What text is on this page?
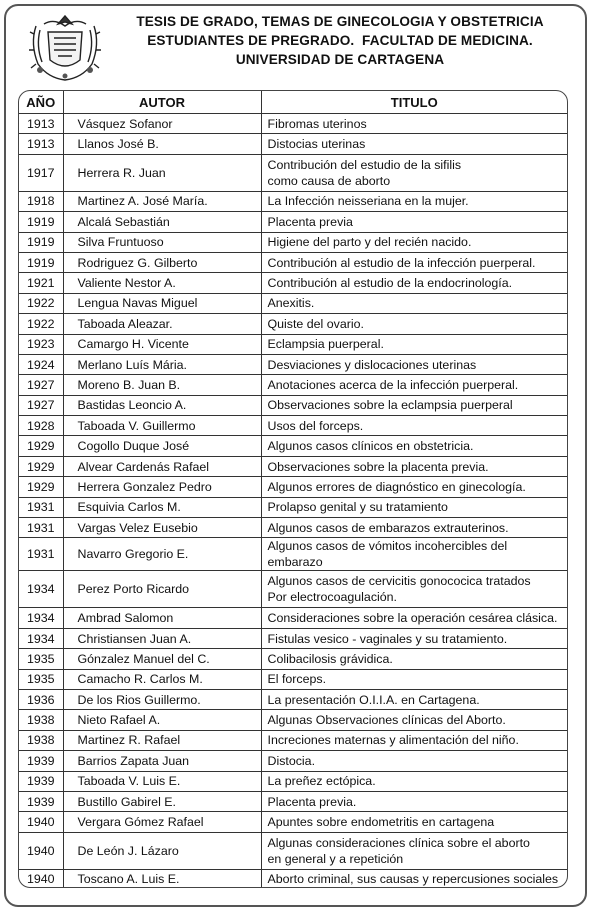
TESIS DE GRADO, TEMAS DE GINECOLOGIA Y OBSTETRICIA
ESTUDIANTES DE PREGRADO.  FACULTAD DE MEDICINA.
UNIVERSIDAD DE CARTAGENA
AÑO	AUTOR	TITULO
1913	Vásquez Sofanor	Fibromas uterinos
1913	Llanos José B.	Distocias uterinas
1917	Herrera R. Juan	Contribución del estudio de la sifilis
como causa de aborto
1918	Martinez A. José María.	La Infección neisseriana en la mujer.
1919	Alcalá Sebastián	Placenta previa
1919	Silva Fruntuoso	Higiene del parto y del recién nacido.
1919	Rodriguez G. Gilberto	Contribución al estudio de la infección puerperal.
1921	Valiente Nestor A.	Contribución al estudio de la endocrinología.
1922	Lengua Navas Miguel	Anexitis.
1922	Taboada Aleazar.	Quiste del ovario.
1923	Camargo H. Vicente	Eclampsia puerperal.
1924	Merlano Luís Mária.	Desviaciones y dislocaciones uterinas
1927	Moreno B. Juan B.	Anotaciones acerca de la infección puerperal.
1927	Bastidas Leoncio A.	Observaciones sobre la eclampsia puerperal
1928	Taboada V. Guillermo	Usos del forceps.
1929	Cogollo Duque José	Algunos casos clínicos en obstetricia.
1929	Alvear Cardenás Rafael	Observaciones sobre la placenta previa.
1929	Herrera Gonzalez Pedro	Algunos errores de diagnóstico en ginecología.
1931	Esquivia Carlos M.	Prolapso genital y su tratamiento
1931	Vargas Velez Eusebio	Algunos casos de embarazos extrauterinos.
1931	Navarro Gregorio E.	Algunos casos de vómitos incohercibles del embarazo
1934	Perez Porto Ricardo	Algunos casos de cervicitis gonococica tratados
Por electrocoagulación.
1934	Ambrad Salomon	Consideraciones sobre la operación cesárea clásica.
1934	Christiansen Juan A.	Fistulas vesico - vaginales y su tratamiento.
1935	Gónzalez Manuel del C.	Colibacilosis grávidica.
1935	Camacho R. Carlos M.	El forceps.
1936	De los Rios Guillermo.	La presentación O.I.I.A. en Cartagena.
1938	Nieto Rafael A.	Algunas Observaciones clínicas del Aborto.
1938	Martinez R. Rafael	Increciones maternas y alimentación del niño.
1939	Barrios Zapata Juan	Distocia.
1939	Taboada V. Luis E.	La preñez ectópica.
1939	Bustillo Gabirel E.	Placenta previa.
1940	Vergara Gómez Rafael	Apuntes sobre endometritis en cartagena
1940	De León J. Lázaro	Algunas consideraciones clínica sobre el aborto
en general y a repetición
1940	Toscano A. Luis E.	Aborto criminal, sus causas y repercusiones sociales
